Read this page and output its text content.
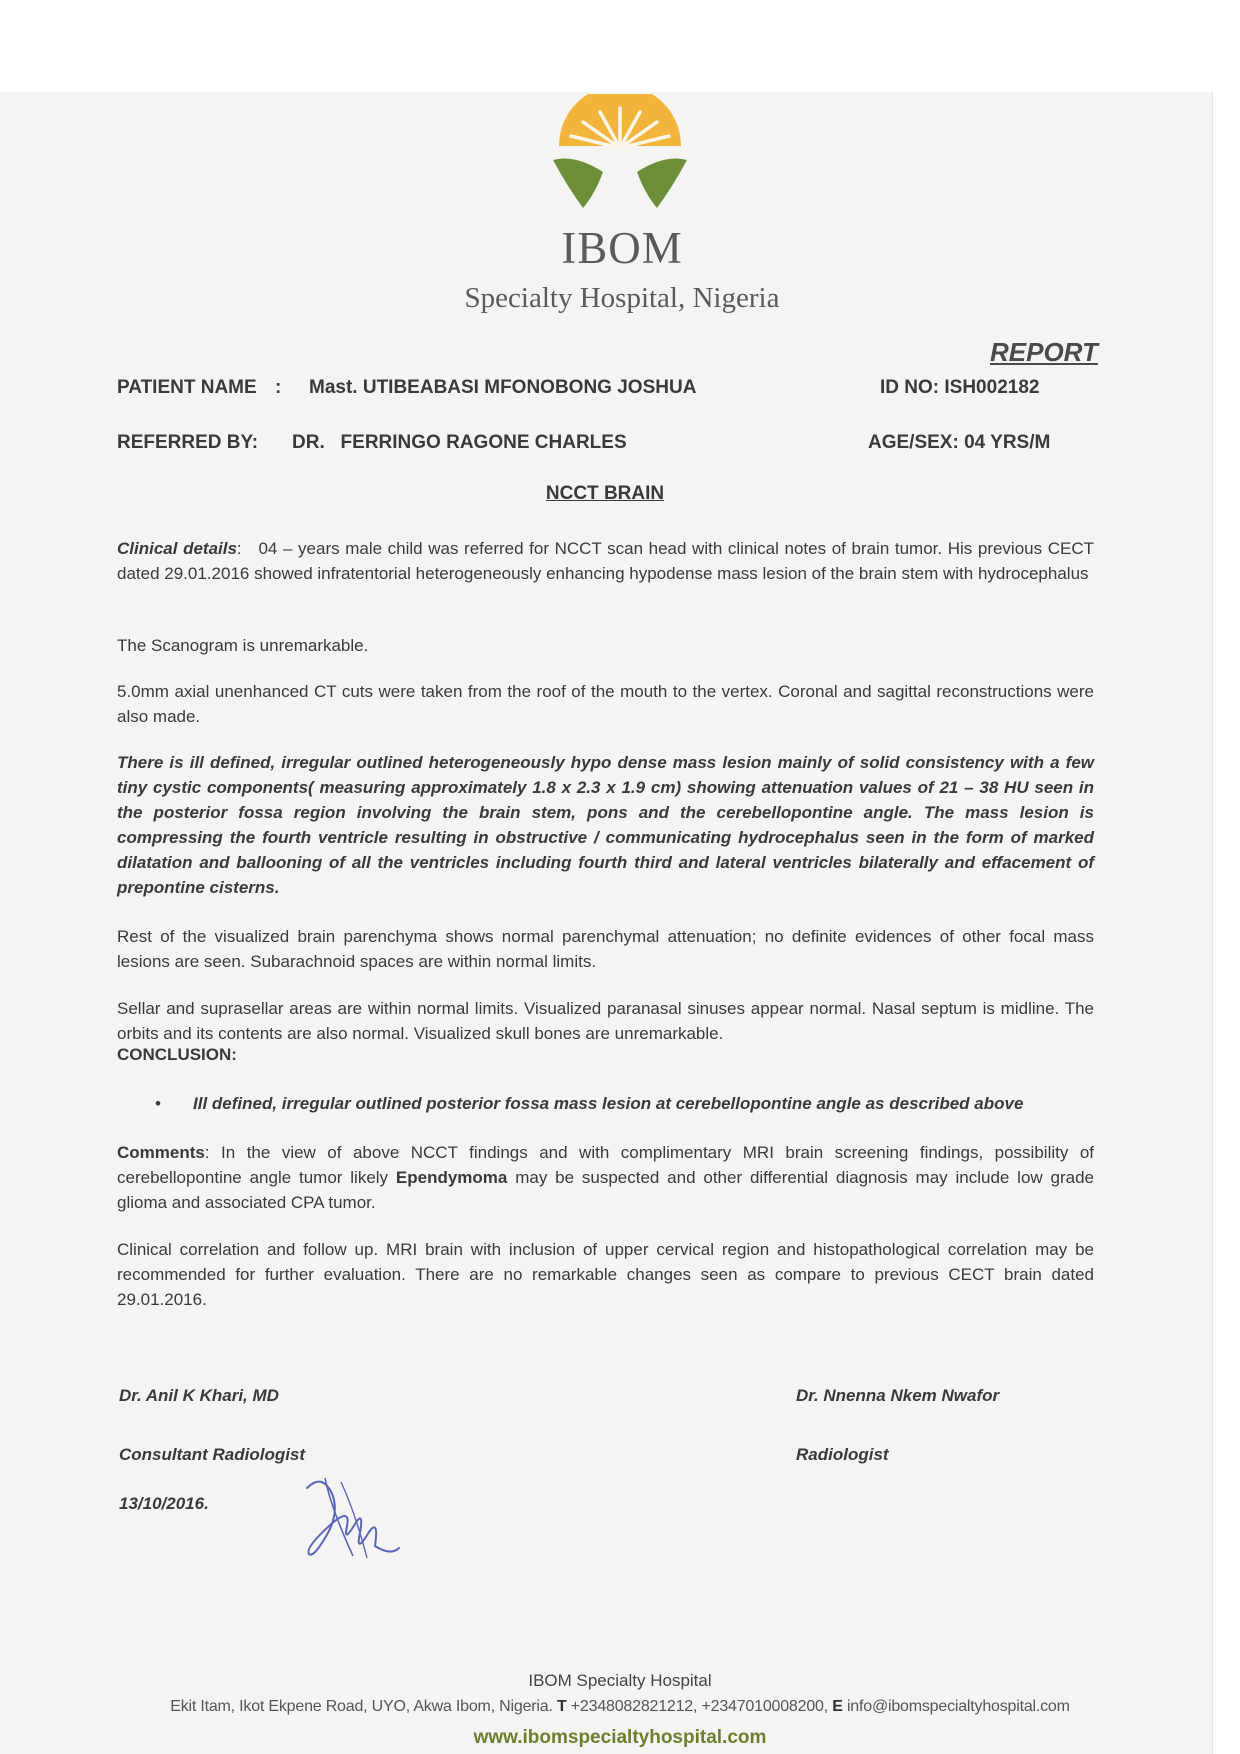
IBOM
Specialty Hospital, Nigeria
REPORT
PATIENT NAME : Mast. UTIBEABASI MFONOBONG JOSHUA	ID NO: ISH002182
REFERRED BY: DR.   FERRINGO RAGONE CHARLES	AGE/SEX: 04 YRS/M
NCCT BRAIN
Clinical details: 04 – years male child was referred for NCCT scan head with clinical notes of brain tumor. His previous CECT dated 29.01.2016 showed infratentorial heterogeneously enhancing hypodense mass lesion of the brain stem with hydrocephalus
The Scanogram is unremarkable.
5.0mm axial unenhanced CT cuts were taken from the roof of the mouth to the vertex. Coronal and sagittal reconstructions were also made.
There is ill defined, irregular outlined heterogeneously hypo dense mass lesion mainly of solid consistency with a few tiny cystic components( measuring approximately 1.8 x 2.3 x 1.9 cm) showing attenuation values of 21 – 38 HU seen in the posterior fossa region involving the brain stem, pons and the cerebellopontine angle. The mass lesion is compressing the fourth ventricle resulting in obstructive / communicating hydrocephalus seen in the form of marked dilatation and ballooning of all the ventricles including fourth third and lateral ventricles bilaterally and effacement of prepontine cisterns.
Rest of the visualized brain parenchyma shows normal parenchymal attenuation; no definite evidences of other focal mass lesions are seen. Subarachnoid spaces are within normal limits.
Sellar and suprasellar areas are within normal limits. Visualized paranasal sinuses appear normal. Nasal septum is midline. The orbits and its contents are also normal. Visualized skull bones are unremarkable.
CONCLUSION:
• Ill defined, irregular outlined posterior fossa mass lesion at cerebellopontine angle as described above
Comments: In the view of above NCCT findings and with complimentary MRI brain screening findings, possibility of cerebellopontine angle tumor likely Ependymoma may be suspected and other differential diagnosis may include low grade glioma and associated CPA tumor.
Clinical correlation and follow up. MRI brain with inclusion of upper cervical region and histopathological correlation may be recommended for further evaluation. There are no remarkable changes seen as compare to previous CECT brain dated 29.01.2016.
Dr. Anil K Khari, MD
Consultant Radiologist
13/10/2016.
Dr. Nnenna Nkem Nwafor
Radiologist
IBOM Specialty Hospital
Ekit Itam, Ikot Ekpene Road, UYO, Akwa Ibom, Nigeria. T +2348082821212, +2347010008200, E info@ibomspecialtyhospital.com
www.ibomspecialtyhospital.com
